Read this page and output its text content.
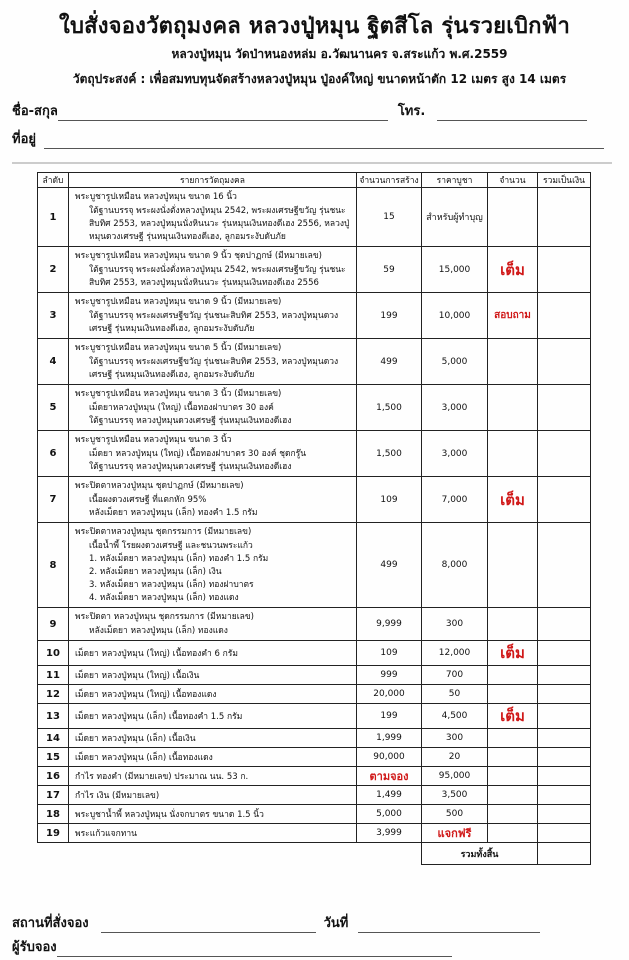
ใบสั่งจองวัตถุมงคล หลวงปู่หมุน ฐิตสีโล รุ่นรวยเบิกฟ้า
หลวงปู่หมุน วัดป่าหนองหล่ม อ.วัฒนานคร จ.สระแก้ว พ.ศ.2559
วัตถุประสงค์ : เพื่อสมทบทุนจัดสร้างหลวงปู่หมุน ปู่องค์ใหญ่ ขนาดหน้าตัก 12 เมตร สูง 14 เมตร
ชื่อ-สกุล	โทร.
ที่อยู่
ลำดับ	รายการวัตถุมงคล	จำนวนการสร้าง	ราคาบูชา	จำนวน	รวมเป็นเงิน
1	พระบูชารูปเหมือน หลวงปู่หมุน ขนาด 16 นิ้ว
ใต้ฐานบรรจุ พระผงนั่งตั่งหลวงปู่หมุน 2542, พระผงเศรษฐีขวัญ รุ่นชนะสิบทิศ 2553, หลวงปู่หมุนนั่งหินนวะ รุ่นหมุนเงินทองดีเฮง 2556, หลวงปู่หมุนดวงเศรษฐี รุ่นหมุนเงินทองดีเฮง, ลูกอมระงับดับภัย	15	สำหรับผู้ทำบุญ		
2	พระบูชารูปเหมือน หลวงปู่หมุน ขนาด 9 นิ้ว ชุดปาฏกษ์ (มีหมายเลข)
ใต้ฐานบรรจุ พระผงนั่งตั่งหลวงปู่หมุน 2542, พระผงเศรษฐีขวัญ รุ่นชนะสิบทิศ 2553, หลวงปู่หมุนนั่งหินนวะ รุ่นหมุนเงินทองดีเฮง 2556	59	15,000	เต็ม	
3	พระบูชารูปเหมือน หลวงปู่หมุน ขนาด 9 นิ้ว (มีหมายเลข)
ใต้ฐานบรรจุ พระผงเศรษฐีขวัญ รุ่นชนะสิบทิศ 2553, หลวงปู่หมุนดวงเศรษฐี รุ่นหมุนเงินทองดีเฮง, ลูกอมระงับดับภัย	199	10,000	สอบถาม	
4	พระบูชารูปเหมือน หลวงปู่หมุน ขนาด 5 นิ้ว (มีหมายเลข)
ใต้ฐานบรรจุ พระผงเศรษฐีขวัญ รุ่นชนะสิบทิศ 2553, หลวงปู่หมุนดวงเศรษฐี รุ่นหมุนเงินทองดีเฮง, ลูกอมระงับดับภัย	499	5,000		
5	พระบูชารูปเหมือน หลวงปู่หมุน ขนาด 3 นิ้ว (มีหมายเลข)
เม็ดยาหลวงปู่หมุน (ใหญ่) เนื้อทองฝาบาตร 30 องค์
ใต้ฐานบรรจุ หลวงปู่หมุนดวงเศรษฐี รุ่นหมุนเงินทองดีเฮง	1,500	3,000		
6	พระบูชารูปเหมือน หลวงปู่หมุน ขนาด 3 นิ้ว
เม็ดยา หลวงปู่หมุน (ใหญ่) เนื้อทองฝาบาตร 30 องค์ ชุดกรู๊น
ใต้ฐานบรรจุ หลวงปู่หมุนดวงเศรษฐี รุ่นหมุนเงินทองดีเฮง	1,500	3,000		
7	พระปิดตาหลวงปู่หมุน ชุดปาฏกษ์ (มีหมายเลข)
เนื้อผงดวงเศรษฐี ที่แตกหัก 95%
หลังเม็ดยา หลวงปู่หมุน (เล็ก) ทองคำ 1.5 กรัม	109	7,000	เต็ม	
8	
พระปิดตาหลวงปู่หมุน ชุดกรรมการ (มีหมายเลข)
เนื้อน้ำพี้ โรยผงดวงเศรษฐี และชนวนพระแก้ว
1. หลังเม็ดยา หลวงปู่หมุน (เล็ก) ทองคำ 1.5 กรัม
2. หลังเม็ดยา หลวงปู่หมุน (เล็ก) เงิน
3. หลังเม็ดยา หลวงปู่หมุน (เล็ก) ทองฝาบาตร
4. หลังเม็ดยา หลวงปู่หมุน (เล็ก) ทองแดง
	499	8,000		
9	พระปิดตา หลวงปู่หมุน ชุดกรรมการ (มีหมายเลข)
หลังเม็ดยา หลวงปู่หมุน (เล็ก) ทองแดง	9,999	300		
10	เม็ดยา หลวงปู่หมุน (ใหญ่) เนื้อทองคำ 6 กรัม	109	12,000	เต็ม	
11	เม็ดยา หลวงปู่หมุน (ใหญ่) เนื้อเงิน	999	700		
12	เม็ดยา หลวงปู่หมุน (ใหญ่) เนื้อทองแดง	20,000	50		
13	เม็ดยา หลวงปู่หมุน (เล็ก) เนื้อทองคำ 1.5 กรัม	199	4,500	เต็ม	
14	เม็ดยา หลวงปู่หมุน (เล็ก) เนื้อเงิน	1,999	300		
15	เม็ดยา หลวงปู่หมุน (เล็ก) เนื้อทองแดง	90,000	20		
16	กำไร ทองคำ (มีหมายเลข) ประมาณ นน. 53 ก.	ตามจอง	95,000		
17	กำไร เงิน (มีหมายเลข)	1,499	3,500		
18	พระบูชาน้ำพี้ หลวงปู่หมุน นั่งจกบาตร ขนาด 1.5 นิ้ว	5,000	500		
19	พระแก้วแจกทาน	3,999	แจกฟรี		
			รวมทั้งสิ้น		
สถานที่สั่งจอง	วันที่
ผู้รับจอง
